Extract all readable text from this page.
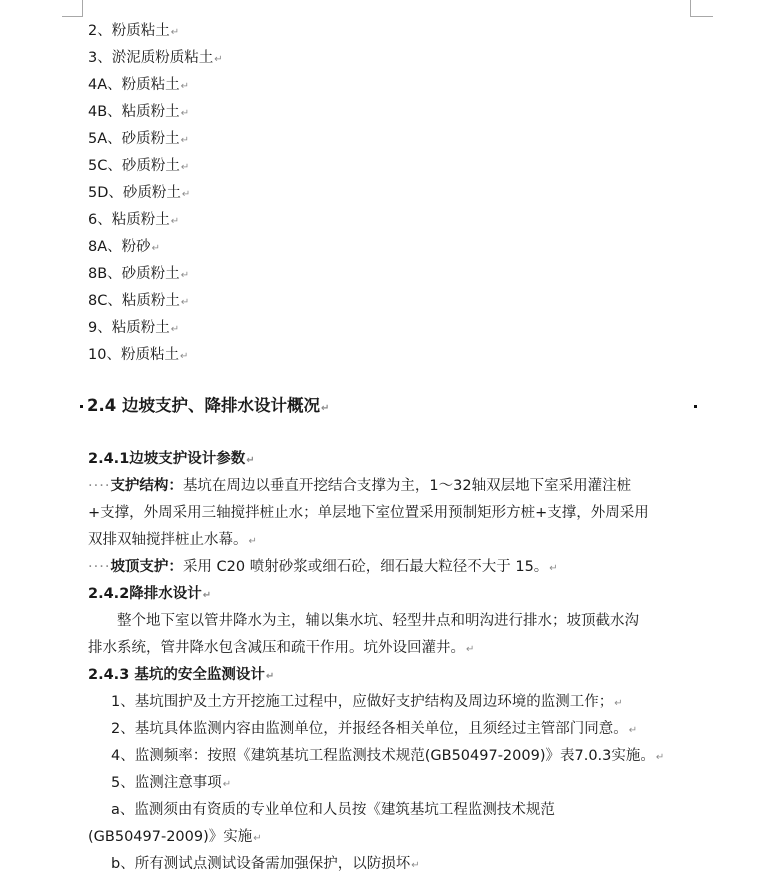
2、粉质粘土↵
3、淤泥质粉质粘土↵
4A、粉质粘土↵
4B、粘质粉土↵
5A、砂质粉土↵
5C、砂质粉土↵
5D、砂质粉土↵
6、粘质粉土↵
8A、粉砂↵
8B、砂质粉土↵
8C、粘质粉土↵
9、粘质粉土↵
10、粉质粘土↵
2.4 边坡支护、降排水设计概况↵
2.4.1边坡支护设计参数↵
····支护结构：基坑在周边以垂直开挖结合支撑为主，1～32轴双层地下室采用灌注桩
+支撑，外周采用三轴搅拌桩止水；单层地下室位置采用预制矩形方桩+支撑，外周采用
双排双轴搅拌桩止水幕。↵
····坡顶支护：采用 C20 喷射砂浆或细石砼，细石最大粒径不大于 15。↵
2.4.2降排水设计↵
整个地下室以管井降水为主，辅以集水坑、轻型井点和明沟进行排水；坡顶截水沟
排水系统，管井降水包含减压和疏干作用。坑外设回灌井。↵
2.4.3 基坑的安全监测设计↵
1、基坑围护及土方开挖施工过程中，应做好支护结构及周边环境的监测工作；↵
2、基坑具体监测内容由监测单位，并报经各相关单位，且须经过主管部门同意。↵
4、监测频率：按照《建筑基坑工程监测技术规范(GB50497-2009)》表7.0.3实施。↵
5、监测注意事项↵
a、监测须由有资质的专业单位和人员按《建筑基坑工程监测技术规范
(GB50497-2009)》实施↵
b、所有测试点测试设备需加强保护，以防损坏↵
